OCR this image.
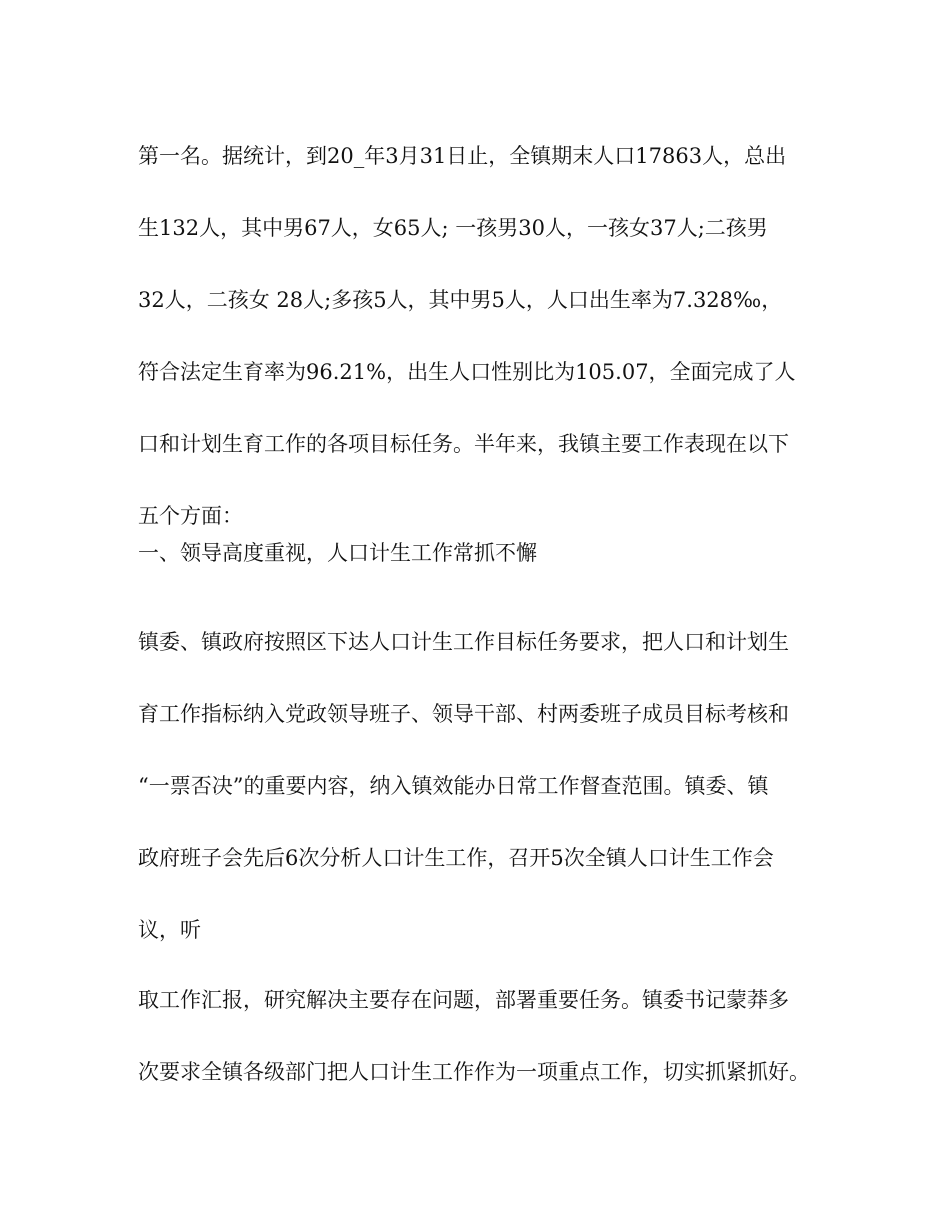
第一名。据统计，到20_年3月31日止，全镇期末人口17863人，总出

生132人，其中男67人，女65人; 一孩男30人，一孩女37人;二孩男

32人，二孩女 28人;多孩5人，其中男5人，人口出生率为7.328‰，

符合法定生育率为96.21%，出生人口性别比为105.07，全面完成了人

口和计划生育工作的各项目标任务。半年来，我镇主要工作表现在以下

五个方面：

一、领导高度重视，人口计生工作常抓不懈

镇委、镇政府按照区下达人口计生工作目标任务要求，把人口和计划生

育工作指标纳入党政领导班子、领导干部、村两委班子成员目标考核和

“一票否决”的重要内容，纳入镇效能办日常工作督查范围。镇委、镇

政府班子会先后6次分析人口计生工作，召开5次全镇人口计生工作会

议，听

取工作汇报，研究解决主要存在问题，部署重要任务。镇委书记蒙莽多

次要求全镇各级部门把人口计生工作作为一项重点工作，切实抓紧抓好。
